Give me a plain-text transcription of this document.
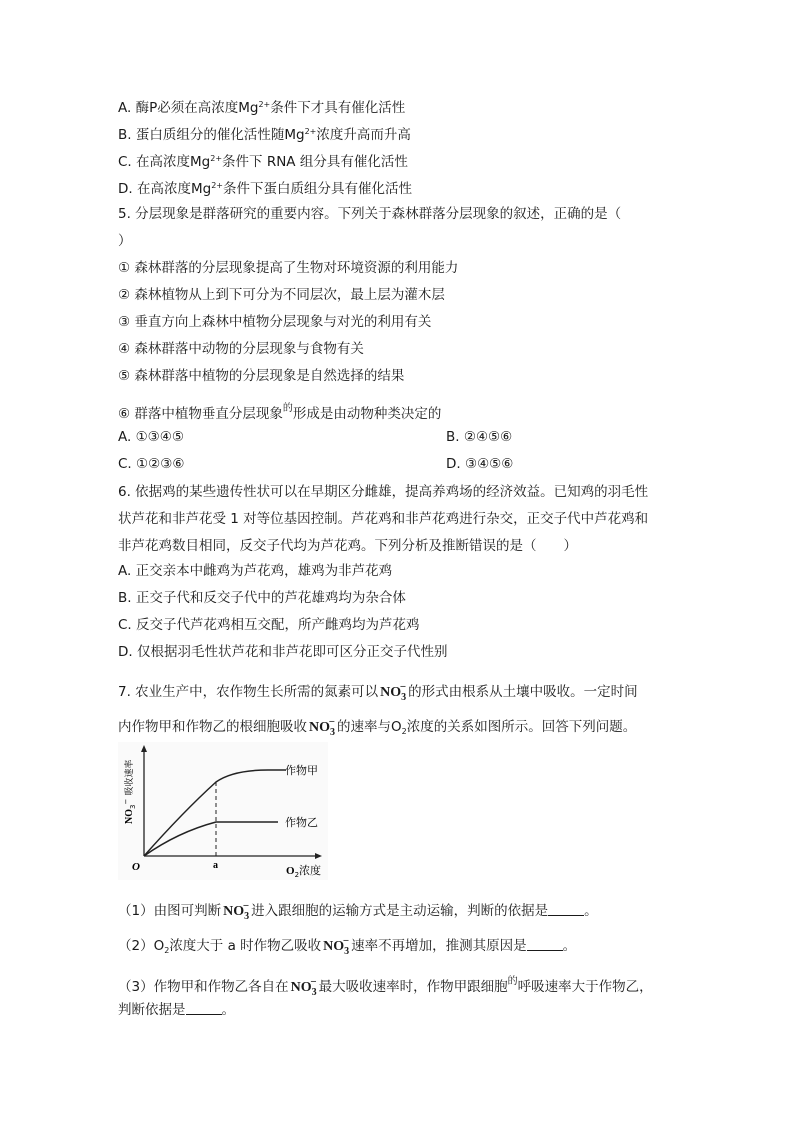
A. 酶P必须在高浓度$Mg^{2+}$条件下才具有催化活性
B. 蛋白质组分的催化活性随$Mg^{2+}$浓度升高而升高
C. 在高浓度$Mg^{2+}$条件下 RNA 组分具有催化活性
D. 在高浓度$Mg^{2+}$条件下蛋白质组分具有催化活性
5. 分层现象是群落研究的重要内容。下列关于森林群落分层现象的叙述，正确的是（
）
① 森林群落的分层现象提高了生物对环境资源的利用能力
② 森林植物从上到下可分为不同层次，最上层为灌木层
③ 垂直方向上森林中植物分层现象与对光的利用有关
④ 森林群落中动物的分层现象与食物有关
⑤ 森林群落中植物的分层现象是自然选择的结果
⑥ 群落中植物垂直分层现象$^的$形成是由动物种类决定的
A. ①③④⑤	B. ②④⑤⑥
C. ①②③⑥	D. ③④⑤⑥
6. 依据鸡的某些遗传性状可以在早期区分雌雄，提高养鸡场的经济效益。已知鸡的羽毛性
状芦花和非芦花受 1 对等位基因控制。芦花鸡和非芦花鸡进行杂交，正交子代中芦花鸡和
非芦花鸡数目相同，反交子代均为芦花鸡。下列分析及推断错误的是（　　）
A. 正交亲本中雌鸡为芦花鸡，雄鸡为非芦花鸡
B. 正交子代和反交子代中的芦花雄鸡均为杂合体
C. 反交子代芦花鸡相互交配，所产雌鸡均为芦花鸡
D. 仅根据羽毛性状芦花和非芦花即可区分正交子代性别
7. 农业生产中，农作物生长所需的氮素可以 $NO_3$
− 的形式由根系从土壤中吸收。一定时间
内作物甲和作物乙的根细胞吸收 $NO_3$
− 的速率与$O_2$浓度的关系如图所示。回答下列问题。
作物甲
作物乙
O	a	$O_2$浓度
$NO_3^-$吸收速率
（1）由图可判断 $NO_3$
− 进入跟细胞的运输方式是主动运输，判断的依据是	。
$(2)O_2$浓度大于 a 时作物乙吸收 $NO_3$
− 速率不再增加，推测其原因是	。
（3）作物甲和作物乙各自在 $NO_3$
− 最大吸收速率时，作物甲跟细胞$^的$呼吸速率大于作物乙，
判断依据是	。
